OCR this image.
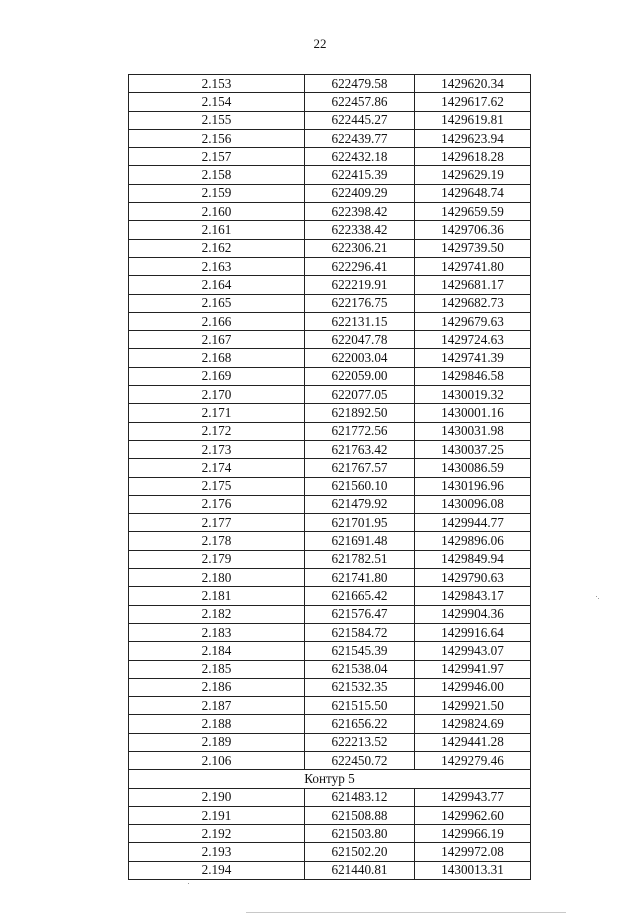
22
2.153	622479.58	1429620.34
2.154	622457.86	1429617.62
2.155	622445.27	1429619.81
2.156	622439.77	1429623.94
2.157	622432.18	1429618.28
2.158	622415.39	1429629.19
2.159	622409.29	1429648.74
2.160	622398.42	1429659.59
2.161	622338.42	1429706.36
2.162	622306.21	1429739.50
2.163	622296.41	1429741.80
2.164	622219.91	1429681.17
2.165	622176.75	1429682.73
2.166	622131.15	1429679.63
2.167	622047.78	1429724.63
2.168	622003.04	1429741.39
2.169	622059.00	1429846.58
2.170	622077.05	1430019.32
2.171	621892.50	1430001.16
2.172	621772.56	1430031.98
2.173	621763.42	1430037.25
2.174	621767.57	1430086.59
2.175	621560.10	1430196.96
2.176	621479.92	1430096.08
2.177	621701.95	1429944.77
2.178	621691.48	1429896.06
2.179	621782.51	1429849.94
2.180	621741.80	1429790.63
2.181	621665.42	1429843.17
2.182	621576.47	1429904.36
2.183	621584.72	1429916.64
2.184	621545.39	1429943.07
2.185	621538.04	1429941.97
2.186	621532.35	1429946.00
2.187	621515.50	1429921.50
2.188	621656.22	1429824.69
2.189	622213.52	1429441.28
2.106	622450.72	1429279.46
Контур 5		
2.190	621483.12	1429943.77
2.191	621508.88	1429962.60
2.192	621503.80	1429966.19
2.193	621502.20	1429972.08
2.194	621440.81	1430013.31
